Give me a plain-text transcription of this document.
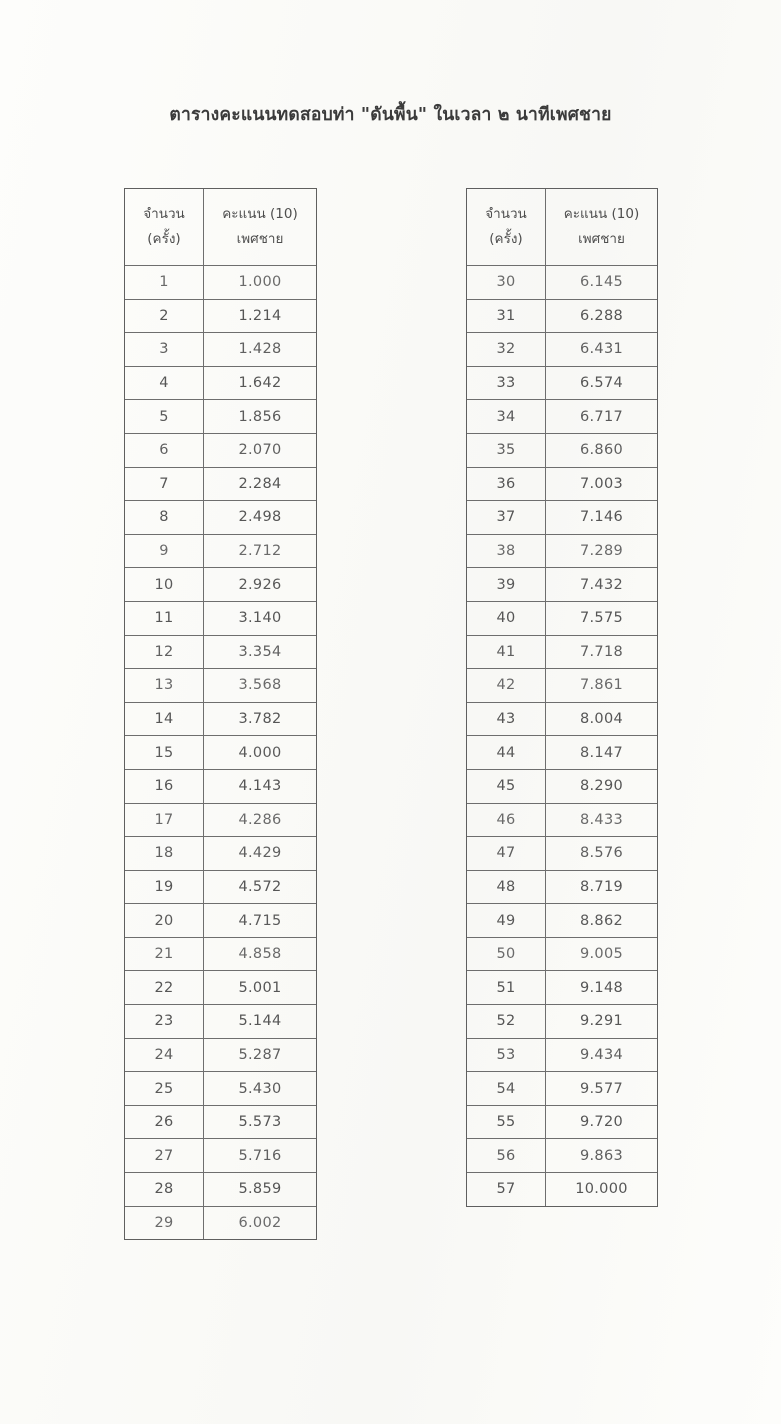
ตารางคะแนนทดสอบท่า "ดันพื้น" ในเวลา ๒ นาทีเพศชาย
จำนวน
(ครั้ง)	คะแนน (10)
เพศชาย

1	1.000
2	1.214
3	1.428
4	1.642
5	1.856
6	2.070
7	2.284
8	2.498
9	2.712
10	2.926
11	3.140
12	3.354
13	3.568
14	3.782
15	4.000
16	4.143
17	4.286
18	4.429
19	4.572
20	4.715
21	4.858
22	5.001
23	5.144
24	5.287
25	5.430
26	5.573
27	5.716
28	5.859
29	6.002
จำนวน
(ครั้ง)	คะแนน (10)
เพศชาย

30	6.145
31	6.288
32	6.431
33	6.574
34	6.717
35	6.860
36	7.003
37	7.146
38	7.289
39	7.432
40	7.575
41	7.718
42	7.861
43	8.004
44	8.147
45	8.290
46	8.433
47	8.576
48	8.719
49	8.862
50	9.005
51	9.148
52	9.291
53	9.434
54	9.577
55	9.720
56	9.863
57	10.000
